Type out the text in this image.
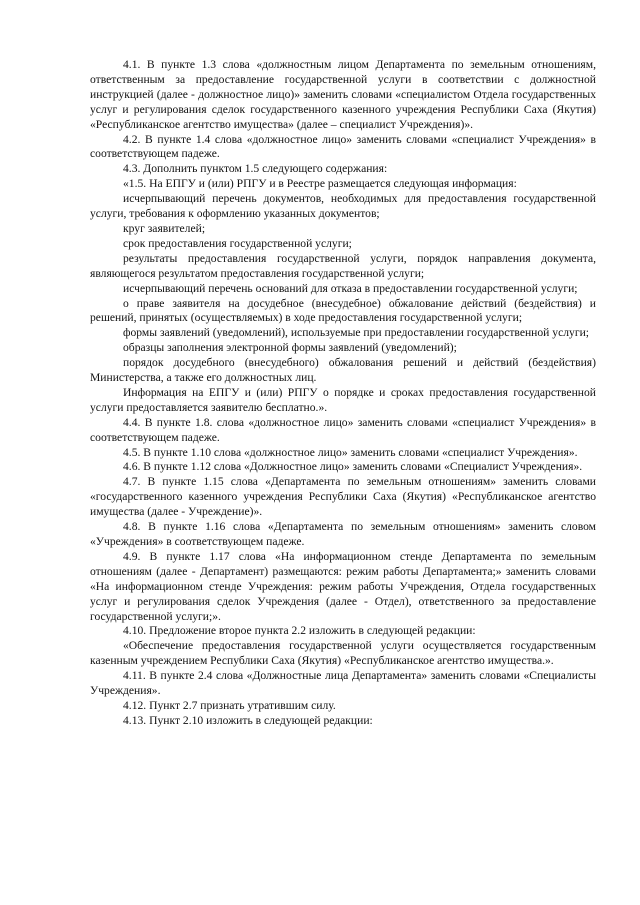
4.1. В пункте 1.3 слова «должностным лицом Департамента по земельным отношениям, ответственным за предоставление государственной услуги в соответствии с должностной инструкцией (далее - должностное лицо)» заменить словами «специалистом Отдела государственных услуг и регулирования сделок государственного казенного учреждения Республики Саха (Якутия) «Республиканское агентство имущества» (далее – специалист Учреждения)».

4.2. В пункте 1.4 слова «должностное лицо» заменить словами «специалист Учреждения» в соответствующем падеже.

4.3. Дополнить пунктом 1.5 следующего содержания:

«1.5. На ЕПГУ и (или) РПГУ и в Реестре размещается следующая информация:

исчерпывающий перечень документов, необходимых для предоставления государственной услуги, требования к оформлению указанных документов;

круг заявителей;

срок предоставления государственной услуги;

результаты предоставления государственной услуги, порядок направления документа, являющегося результатом предоставления государственной услуги;

исчерпывающий перечень оснований для отказа в предоставлении государственной услуги;

о праве заявителя на досудебное (внесудебное) обжалование действий (бездействия) и решений, принятых (осуществляемых) в ходе предоставления государственной услуги;

формы заявлений (уведомлений), используемые при предоставлении государственной услуги;

образцы заполнения электронной формы заявлений (уведомлений);

порядок досудебного (внесудебного) обжалования решений и действий (бездействия) Министерства, а также его должностных лиц.

Информация на ЕПГУ и (или) РПГУ о порядке и сроках предоставления государственной услуги предоставляется заявителю бесплатно.».

4.4. В пункте 1.8. слова «должностное лицо» заменить словами «специалист Учреждения» в соответствующем падеже.

4.5. В пункте 1.10 слова «должностное лицо» заменить словами «специалист Учреждения».

4.6. В пункте 1.12 слова «Должностное лицо» заменить словами «Специалист Учреждения».

4.7. В пункте 1.15 слова «Департамента по земельным отношениям» заменить словами «государственного казенного учреждения Республики Саха (Якутия) «Республиканское агентство имущества (далее - Учреждение)».

4.8. В пункте 1.16 слова «Департамента по земельным отношениям» заменить словом «Учреждения» в соответствующем падеже.

4.9. В пункте 1.17 слова «На информационном стенде Департамента по земельным отношениям (далее - Департамент) размещаются: режим работы Департамента;» заменить словами «На информационном стенде Учреждения: режим работы Учреждения, Отдела государственных услуг и регулирования сделок Учреждения (далее - Отдел), ответственного за предоставление государственной услуги;».

4.10. Предложение второе пункта 2.2 изложить в следующей редакции:

«Обеспечение предоставления государственной услуги осуществляется государственным казенным учреждением Республики Саха (Якутия) «Республиканское агентство имущества.».

4.11. В пункте 2.4 слова «Должностные лица Департамента» заменить словами «Специалисты Учреждения».

4.12. Пункт 2.7 признать утратившим силу.

4.13. Пункт 2.10 изложить в следующей редакции:
